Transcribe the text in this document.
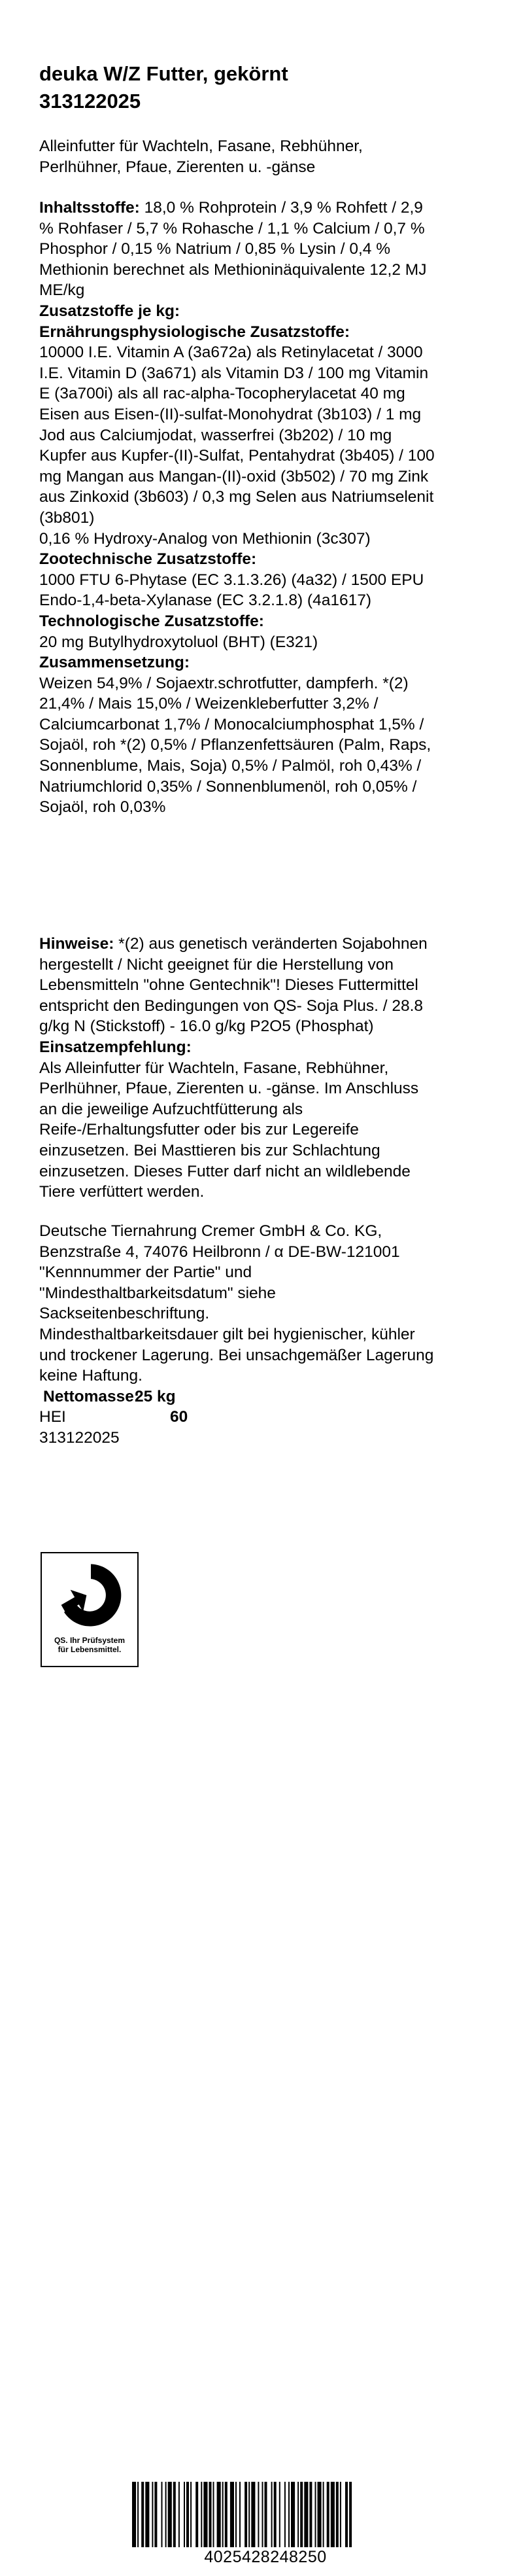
deuka W/Z Futter, gekörnt
313122025

Alleinfutter für Wachteln, Fasane, Rebhühner,

Perlhühner, Pfaue, Zierenten u. -gänse

Inhaltsstoffe: 18,0 % Rohprotein / 3,9 % Rohfett / 2,9

% Rohfaser / 5,7 % Rohasche / 1,1 % Calcium / 0,7 %

Phosphor / 0,15 % Natrium / 0,85 % Lysin / 0,4 %

Methionin berechnet als Methioninäquivalente 12,2 MJ

ME/kg

Zusatzstoffe je kg:

Ernährungsphysiologische Zusatzstoffe:

10000 I.E. Vitamin A (3a672a) als Retinylacetat / 3000

I.E. Vitamin D (3a671) als Vitamin D3 / 100 mg Vitamin

E (3a700i) als all rac-alpha-Tocopherylacetat 40 mg

Eisen aus Eisen-(II)-sulfat-Monohydrat (3b103) / 1 mg

Jod aus Calciumjodat, wasserfrei (3b202) / 10 mg

Kupfer aus Kupfer-(II)-Sulfat, Pentahydrat (3b405) / 100

mg Mangan aus Mangan-(II)-oxid (3b502) / 70 mg Zink

aus Zinkoxid (3b603) / 0,3 mg Selen aus Natriumselenit

(3b801)

0,16 % Hydroxy-Analog von Methionin (3c307)

Zootechnische Zusatzstoffe:

1000 FTU 6-Phytase (EC 3.1.3.26) (4a32) / 1500 EPU

Endo-1,4-beta-Xylanase (EC 3.2.1.8) (4a1617)

Technologische Zusatzstoffe:

20 mg Butylhydroxytoluol (BHT) (E321)

Zusammensetzung:

Weizen 54,9% / Sojaextr.schrotfutter, dampferh. *(2)

21,4% / Mais 15,0% / Weizenkleberfutter 3,2% /

Calciumcarbonat 1,7% / Monocalciumphosphat 1,5% /

Sojaöl, roh *(2) 0,5% / Pflanzenfettsäuren (Palm, Raps,

Sonnenblume, Mais, Soja) 0,5% / Palmöl, roh 0,43% /

Natriumchlorid 0,35% / Sonnenblumenöl, roh 0,05% /

Sojaöl, roh 0,03%

Hinweise: *(2) aus genetisch veränderten Sojabohnen

hergestellt / Nicht geeignet für die Herstellung von

Lebensmitteln "ohne Gentechnik"! Dieses Futtermittel

entspricht den Bedingungen von QS- Soja Plus. / 28.8

g/kg N (Stickstoff) - 16.0 g/kg P2O5 (Phosphat)

Einsatzempfehlung:

Als Alleinfutter für Wachteln, Fasane, Rebhühner,

Perlhühner, Pfaue, Zierenten u. -gänse. Im Anschluss

an die jeweilige Aufzuchtfütterung als

Reife-/Erhaltungsfutter oder bis zur Legereife

einzusetzen. Bei Masttieren bis zur Schlachtung

einzusetzen. Dieses Futter darf nicht an wildlebende

Tiere verfüttert werden.

Deutsche Tiernahrung Cremer GmbH & Co. KG,

Benzstraße 4, 74076 Heilbronn / α DE-BW-121001

"Kennnummer der Partie" und

"Mindesthaltbarkeitsdatum" siehe

Sackseitenbeschriftung.

Mindesthaltbarkeitsdauer gilt bei hygienischer, kühler

und trockener Lagerung. Bei unsachgemäßer Lagerung

keine Haftung.

Nettomasse:
25 kg

HEI	60

313122025

QS. Ihr Prüfsystem
für Lebensmittel.
4025428248250
